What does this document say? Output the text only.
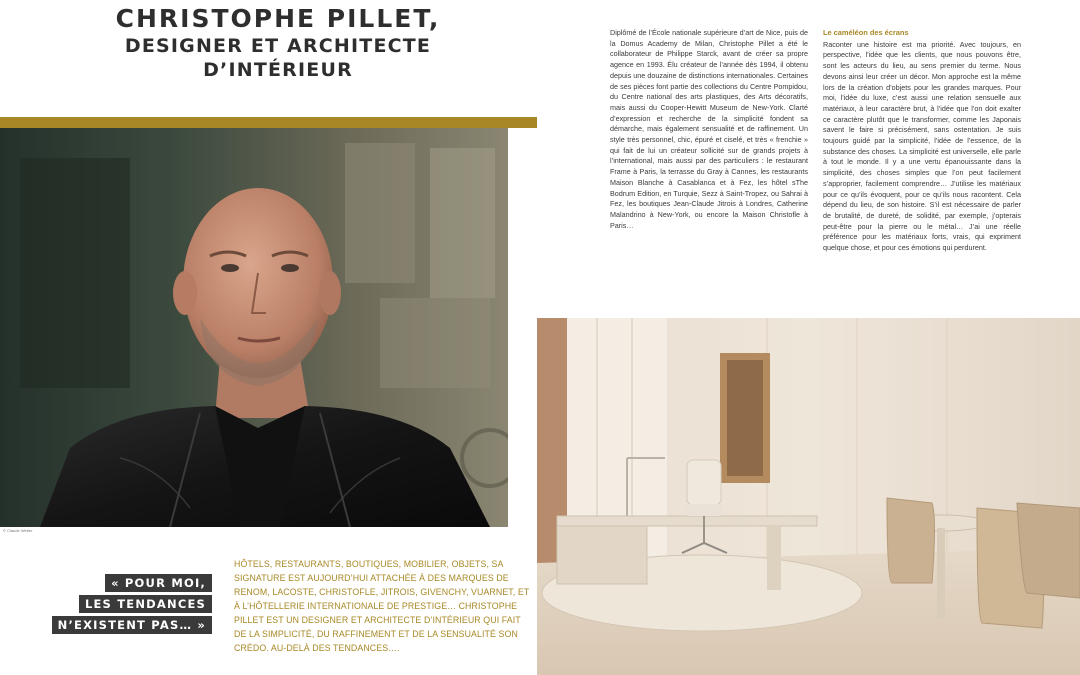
CHRISTOPHE PILLET,
DESIGNER ET ARCHITECTE
D’INTÉRIEUR
© Claude Weber
« POUR MOI,
LES TENDANCES
N’EXISTENT PAS… »
HÔTELS, RESTAURANTS, BOUTIQUES, MOBILIER, OBJETS, SA SIGNATURE EST AUJOURD’HUI ATTACHÉE À DES MARQUES DE RENOM, LACOSTE, CHRISTOFLE, JITROIS, GIVENCHY, VUARNET, ET À L’HÔTELLERIE INTERNATIONALE DE PRESTIGE… CHRISTOPHE PILLET EST UN DESIGNER ET ARCHITECTE D’INTÉRIEUR QUI FAIT DE LA SIMPLICITÉ, DU RAFFINEMENT ET DE LA SENSUALITÉ SON CRÉDO. AU-DELÀ DES TENDANCES….

Diplômé de l’École nationale supérieure d’art de Nice, puis de la Domus Academy de Milan, Christophe Pillet a été le collaborateur de Philippe Starck, avant de créer sa propre agence en 1993. Élu créateur de l’année dès 1994, il obtenu depuis une douzaine de distinctions internationales. Certaines de ses pièces font partie des collections du Centre Pompidou, du Centre national des arts plastiques, des Arts décoratifs, mais aussi du Cooper-Hewitt Museum de New-York. Clarté d’expression et recherche de la simplicité fondent sa démarche, mais également sensualité et de raffinement. Un style très personnel, chic, épuré et ciselé, et très « frenchie » qui fait de lui un créateur sollicité sur de grands projets à l’international, mais aussi par des particuliers : le restaurant Frame à Paris, la terrasse du Gray à Cannes, les restaurants Maison Blanche à Casablanca et à Fez, les hôtel sThe Bodrum Edition, en Turquie, Sezz à Saint-Tropez, ou Sahrai à Fez, les boutiques Jean-Claude Jitrois à Londres, Catherine Malandrino à New-York, ou encore la Maison Christofle à Paris…

Le caméléon des écrans

Raconter une histoire est ma priorité. Avec toujours, en perspective, l’idée que les clients, que nous pouvons être, sont les acteurs du lieu, au sens premier du terme. Nous devons ainsi leur créer un décor. Mon approche est la même lors de la création d’objets pour les grandes marques. Pour moi, l’idée du luxe, c’est aussi une relation sensuelle aux matériaux, à leur caractère brut, à l’idée que l’on doit exalter ce caractère plutôt que le transformer, comme les Japonais savent le faire si précisément, sans ostentation. Je suis toujours guidé par la simplicité, l’idée de l’essence, de la substance des choses. La simplicité est universelle, elle parle à tout le monde. Il y a une vertu épanouissante dans la simplicité, des choses simples que l’on peut facilement s’approprier, facilement comprendre… J’utilise les matériaux pour ce qu’ils évoquent, pour ce qu’ils nous racontent. Cela dépend du lieu, de son histoire. S’il est nécessaire de parler de brutalité, de dureté, de solidité, par exemple, j’opterais peut-être pour la pierre ou le métal… J’ai une réelle préférence pour les matériaux forts, vrais, qui expriment quelque chose, et pour ces émotions qui perdurent.
